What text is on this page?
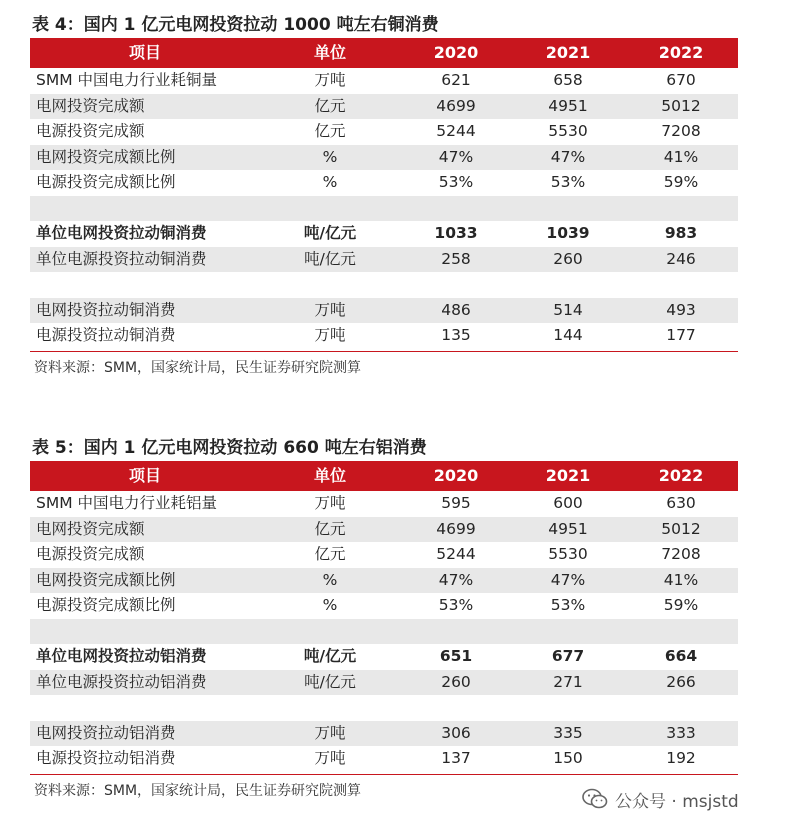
表 4：国内 1 亿元电网投资拉动 1000 吨左右铜消费
项目	单位	2020	2021	2022
SMM 中国电力行业耗铜量	万吨	621	658	670
电网投资完成额	亿元	4699	4951	5012
电源投资完成额	亿元	5244	5530	7208
电网投资完成额比例	%	47%	47%	41%
电源投资完成额比例	%	53%	53%	59%
单位电网投资拉动铜消费	吨/亿元	1033	1039	983
单位电源投资拉动铜消费	吨/亿元	258	260	246
电网投资拉动铜消费	万吨	486	514	493
电源投资拉动铜消费	万吨	135	144	177
资料来源：SMM，国家统计局，民生证券研究院测算
表 5：国内 1 亿元电网投资拉动 660 吨左右铝消费
项目	单位	2020	2021	2022
SMM 中国电力行业耗铝量	万吨	595	600	630
电网投资完成额	亿元	4699	4951	5012
电源投资完成额	亿元	5244	5530	7208
电网投资完成额比例	%	47%	47%	41%
电源投资完成额比例	%	53%	53%	59%
单位电网投资拉动铝消费	吨/亿元	651	677	664
单位电源投资拉动铝消费	吨/亿元	260	271	266
电网投资拉动铝消费	万吨	306	335	333
电源投资拉动铝消费	万吨	137	150	192
资料来源：SMM，国家统计局，民生证券研究院测算
公众号 · msjstd
